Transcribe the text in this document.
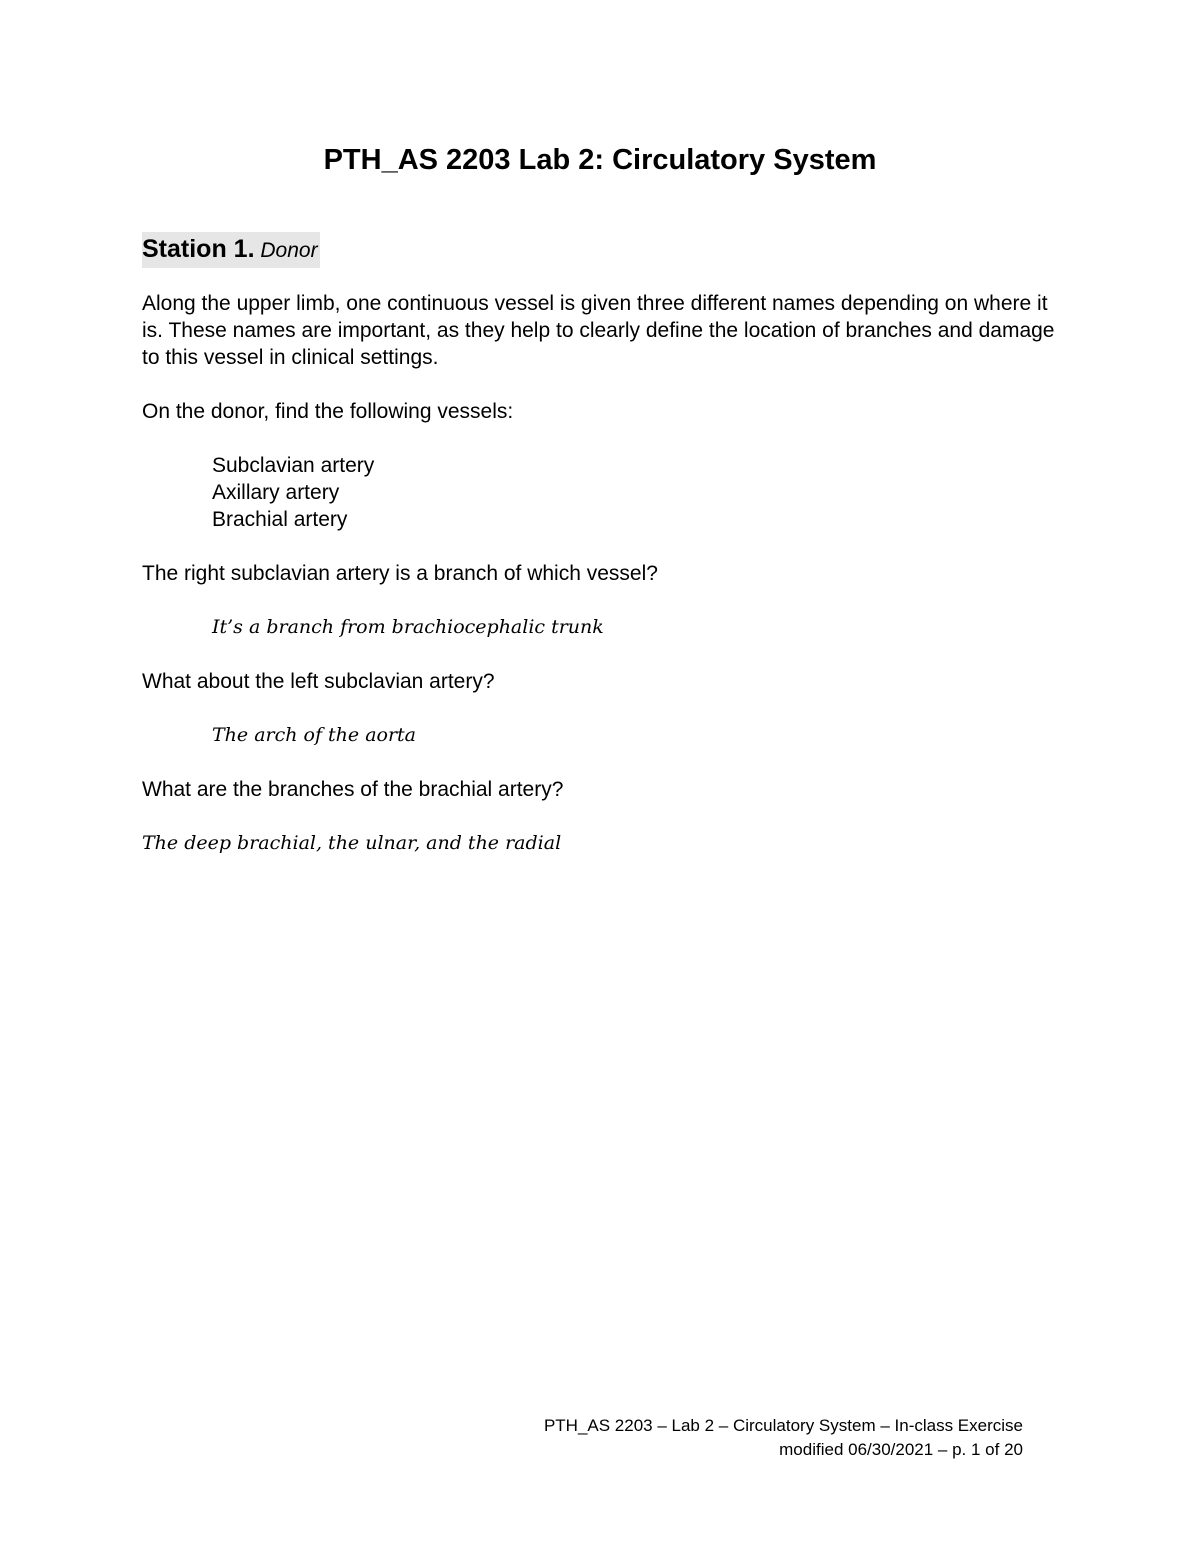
PTH_AS 2203 Lab 2: Circulatory System
Station 1. Donor

Along the upper limb, one continuous vessel is given three different names depending on where it is. These names are important, as they help to clearly define the location of branches and damage to this vessel in clinical settings.

On the donor, find the following vessels:

Subclavian artery
Axillary artery
Brachial artery

The right subclavian artery is a branch of which vessel?

It’s a branch from brachiocephalic trunk

What about the left subclavian artery?

The arch of the aorta

What are the branches of the brachial artery?

The deep brachial, the ulnar, and the radial

PTH_AS 2203 – Lab 2 – Circulatory System – In-class Exercise
modified 06/30/2021 – p. 1 of 20
